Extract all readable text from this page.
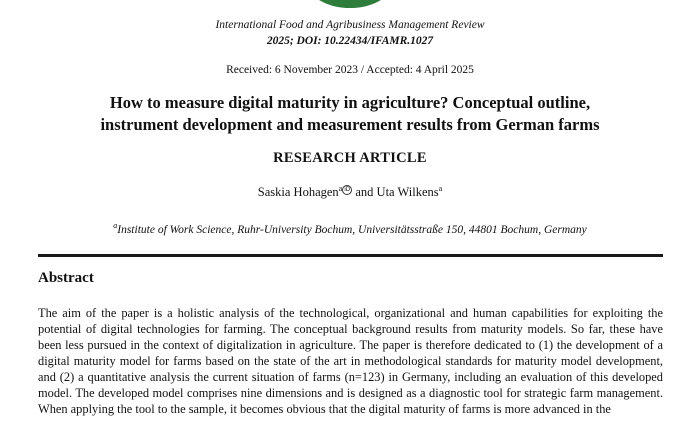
International Food and Agribusiness Management Review
2025; DOI: 10.22434/IFAMR.1027
Received: 6 November 2023 / Accepted: 4 April 2025
How to measure digital maturity in agriculture? Conceptual outline,
instrument development and measurement results from German farms
RESEARCH ARTICLE
Saskia Hohagen$^a$ iD and Uta Wilkens$^a$
$^a$Institute of Work Science, Ruhr-University Bochum, Universitätsstraße 150, 44801 Bochum, Germany
Abstract
The aim of the paper is a holistic analysis of the technological, organizational and human capabilities for exploiting the potential of digital technologies for farming. The conceptual background results from maturity models. So far, these have been less pursued in the context of digitalization in agriculture. The paper is therefore dedicated to (1) the development of a digital maturity model for farms based on the state of the art in methodological standards for maturity model development, and (2) a quantitative analysis the current situation of farms (n=123) in Germany, including an evaluation of this developed model. The developed model comprises nine dimensions and is designed as a diagnostic tool for strategic farm management. When applying the tool to the sample, it becomes obvious that the digital maturity of farms is more advanced in the
